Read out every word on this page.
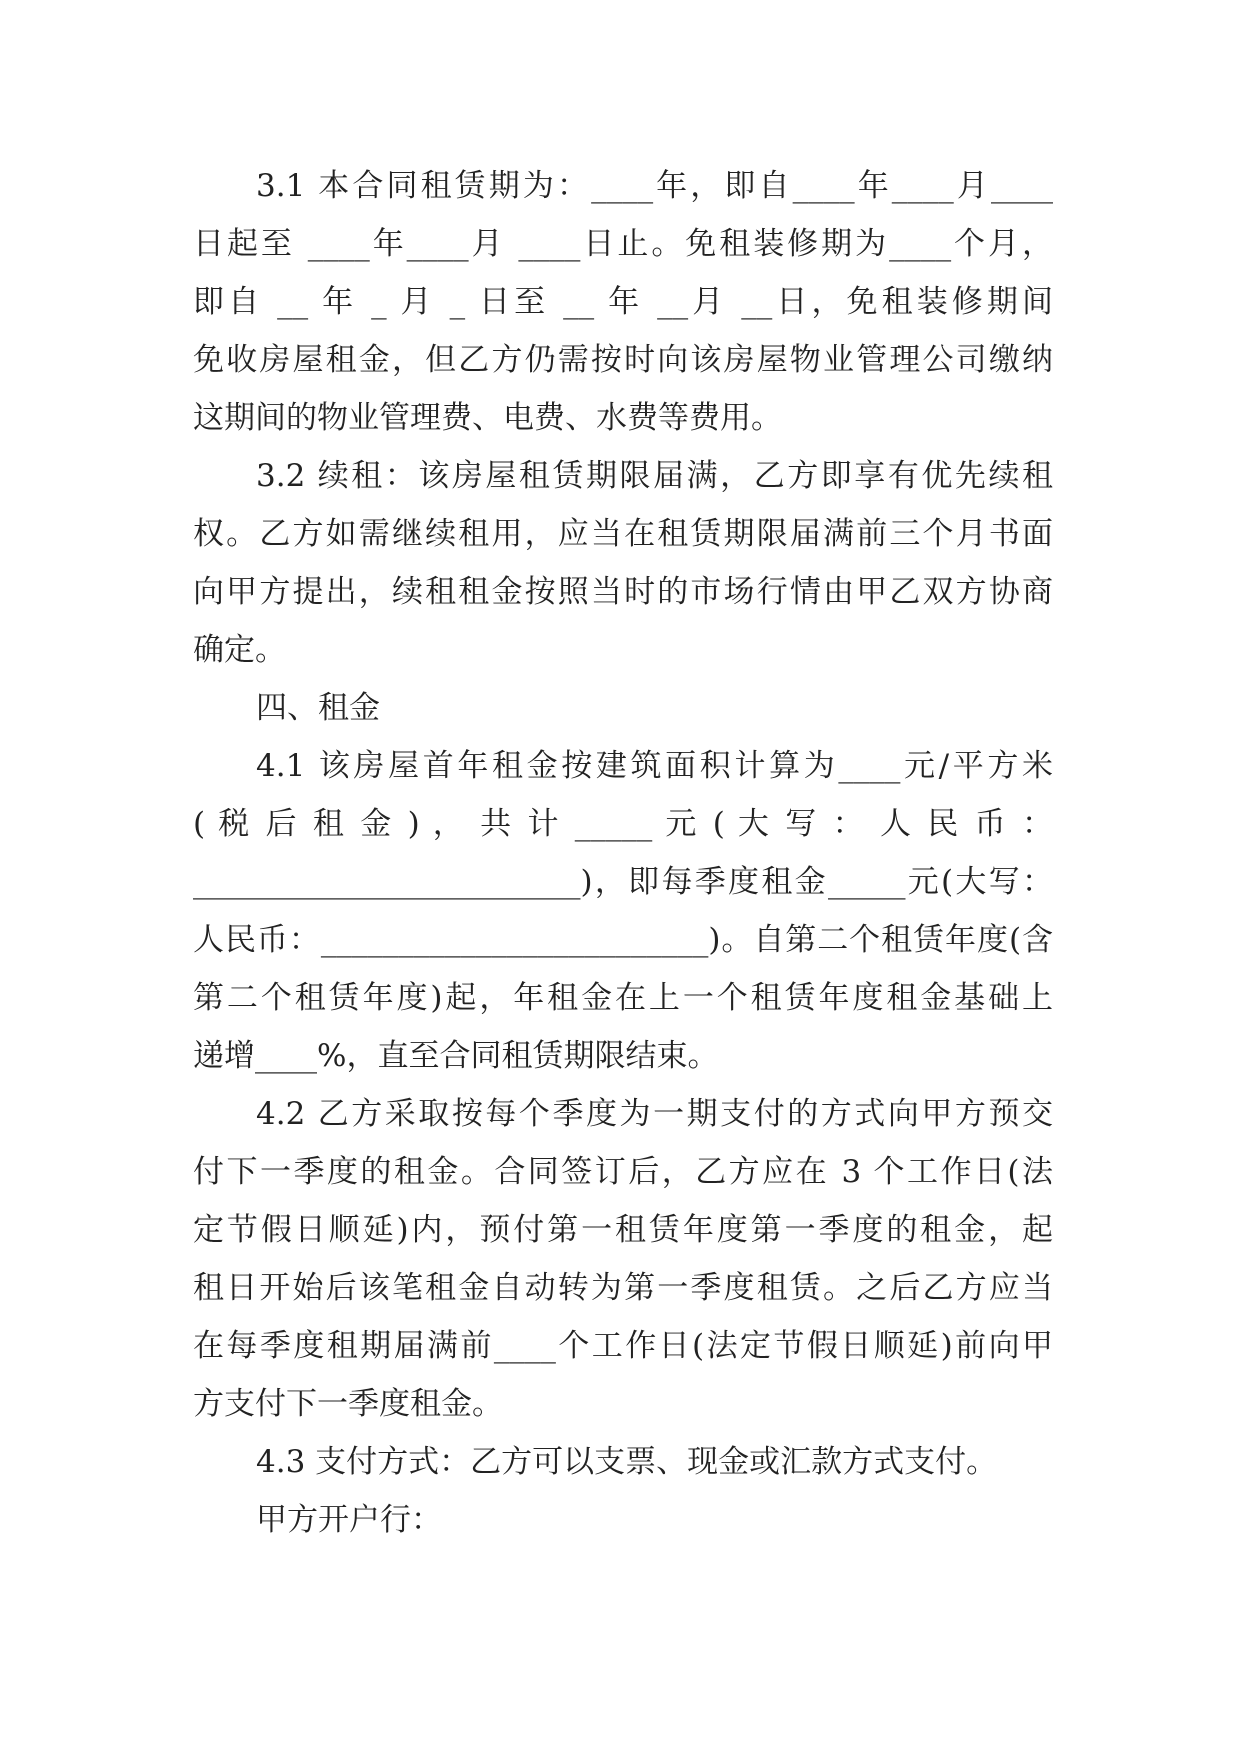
3.1 本合同租赁期为：____年，即自____年____月____
日起至 ____年____月 ____日止。免租装修期为____个月，
即自 __ 年 _ 月 _ 日至 __ 年 __月 __日，免租装修期间
免收房屋租金，但乙方仍需按时向该房屋物业管理公司缴纳
这期间的物业管理费、电费、水费等费用。
3.2 续租：该房屋租赁期限届满，乙方即享有优先续租
权。乙方如需继续租用，应当在租赁期限届满前三个月书面
向甲方提出，续租租金按照当时的市场行情由甲乙双方协商
确定。
四、租金
4.1 该房屋首年租金按建筑面积计算为____元/平方米
( 税 后 租 金 ) ， 共 计 _____ 元 ( 大 写 ： 人 民 币 ：
_________________________)，即每季度租金_____元(大写：
人民币：_________________________)。自第二个租赁年度(含
第二个租赁年度)起，年租金在上一个租赁年度租金基础上
递增____%，直至合同租赁期限结束。
4.2 乙方采取按每个季度为一期支付的方式向甲方预交
付下一季度的租金。合同签订后，乙方应在 3 个工作日(法
定节假日顺延)内，预付第一租赁年度第一季度的租金，起
租日开始后该笔租金自动转为第一季度租赁。之后乙方应当
在每季度租期届满前____个工作日(法定节假日顺延)前向甲
方支付下一季度租金。
4.3 支付方式：乙方可以支票、现金或汇款方式支付。
甲方开户行：
